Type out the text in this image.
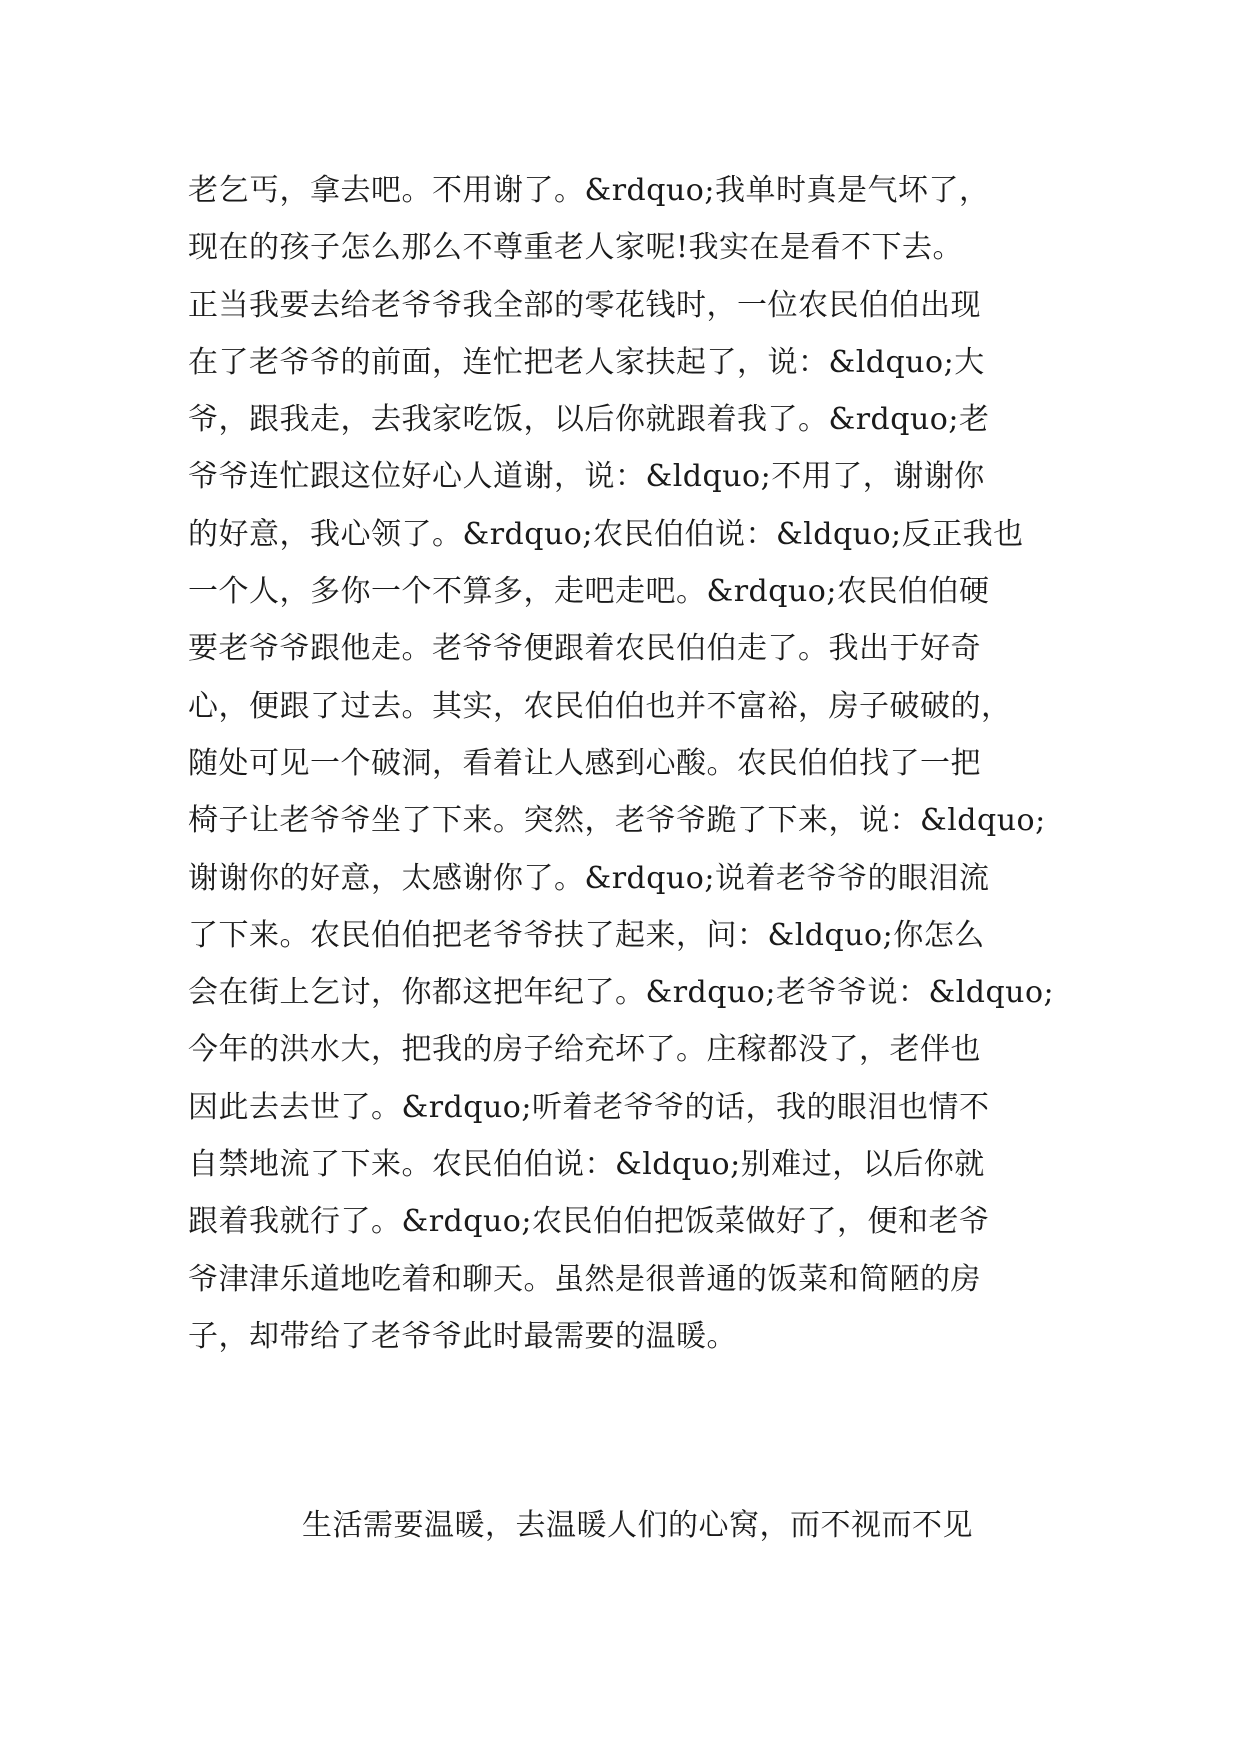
老乞丐，拿去吧。不用谢了。&rdquo;我单时真是气坏了，
现在的孩子怎么那么不尊重老人家呢!我实在是看不下去。
正当我要去给老爷爷我全部的零花钱时，一位农民伯伯出现
在了老爷爷的前面，连忙把老人家扶起了，说：&ldquo;大
爷，跟我走，去我家吃饭，以后你就跟着我了。&rdquo;老
爷爷连忙跟这位好心人道谢，说：&ldquo;不用了，谢谢你
的好意，我心领了。&rdquo;农民伯伯说：&ldquo;反正我也
一个人，多你一个不算多，走吧走吧。&rdquo;农民伯伯硬
要老爷爷跟他走。老爷爷便跟着农民伯伯走了。我出于好奇
心，便跟了过去。其实，农民伯伯也并不富裕，房子破破的，
随处可见一个破洞，看着让人感到心酸。农民伯伯找了一把
椅子让老爷爷坐了下来。突然，老爷爷跪了下来，说：&ldquo;
谢谢你的好意，太感谢你了。&rdquo;说着老爷爷的眼泪流
了下来。农民伯伯把老爷爷扶了起来，问：&ldquo;你怎么
会在街上乞讨，你都这把年纪了。&rdquo;老爷爷说：&ldquo;
今年的洪水大，把我的房子给充坏了。庄稼都没了，老伴也
因此去去世了。&rdquo;听着老爷爷的话，我的眼泪也情不
自禁地流了下来。农民伯伯说：&ldquo;别难过，以后你就
跟着我就行了。&rdquo;农民伯伯把饭菜做好了，便和老爷
爷津津乐道地吃着和聊天。虽然是很普通的饭菜和简陋的房
子，却带给了老爷爷此时最需要的温暖。
生活需要温暖，去温暖人们的心窝，而不视而不见
